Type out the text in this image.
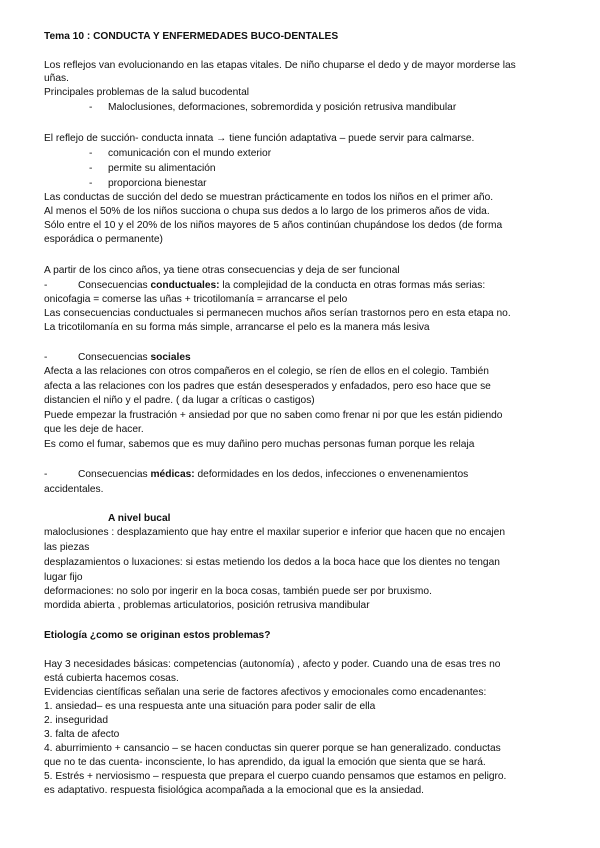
Tema 10 : CONDUCTA Y ENFERMEDADES BUCO-DENTALES
Los reflejos van evolucionando en las etapas vitales. De niño chuparse el dedo y de mayor morderse las
uñas.
Principales problemas de la salud bucodental
- Maloclusiones, deformaciones, sobremordida y posición retrusiva mandibular
El reflejo de succión- conducta innata → tiene función adaptativa – puede servir para calmarse.
- comunicación con el mundo exterior
- permite su alimentación
- proporciona bienestar
Las conductas de succión del dedo se muestran prácticamente en todos los niños en el primer año.
Al menos el 50% de los niños succiona o chupa sus dedos a lo largo de los primeros años de vida.
Sólo entre el 10 y el 20% de los niños mayores de 5 años continúan chupándose los dedos (de forma
esporádica o permanente)
A partir de los cinco años, ya tiene otras consecuencias y deja de ser funcional
-	Consecuencias conductuales: la complejidad de la conducta en otras formas más serias:
onicofagia = comerse las uñas + tricotilomanía = arrancarse el pelo
Las consecuencias conductuales si permanecen muchos años serían trastornos pero en esta etapa no.
La tricotilomanía en su forma más simple, arrancarse el pelo es la manera más lesiva
-	Consecuencias sociales
Afecta a las relaciones con otros compañeros en el colegio, se ríen de ellos en el colegio. También
afecta a las relaciones con los padres que están desesperados y enfadados, pero eso hace que se
distancien el niño y el padre. ( da lugar a críticas o castigos)
Puede empezar la frustración + ansiedad por que no saben como frenar ni por que les están pidiendo
que les deje de hacer.
Es como el fumar, sabemos que es muy dañino pero muchas personas fuman porque les relaja
-	Consecuencias médicas: deformidades en los dedos, infecciones o envenenamientos
accidentales.
A nivel bucal
maloclusiones : desplazamiento que hay entre el maxilar superior e inferior que hacen que no encajen
las piezas
desplazamientos o luxaciones: si estas metiendo los dedos a la boca hace que los dientes no tengan
lugar fijo
deformaciones: no solo por ingerir en la boca cosas, también puede ser por bruxismo.
mordida abierta , problemas articulatorios, posición retrusiva mandibular
Etiología ¿como se originan estos problemas?
Hay 3 necesidades básicas: competencias (autonomía) , afecto y poder. Cuando una de esas tres no
está cubierta hacemos cosas.
Evidencias científicas señalan una serie de factores afectivos y emocionales como encadenantes:
1. ansiedad– es una respuesta ante una situación para poder salir de ella
2. inseguridad
3. falta de afecto
4. aburrimiento + cansancio – se hacen conductas sin querer porque se han generalizado. conductas
que no te das cuenta- inconsciente, lo has aprendido, da igual la emoción que sienta que se hará.
5. Estrés + nerviosismo – respuesta que prepara el cuerpo cuando pensamos que estamos en peligro.
es adaptativo. respuesta fisiológica acompañada a la emocional que es la ansiedad.
